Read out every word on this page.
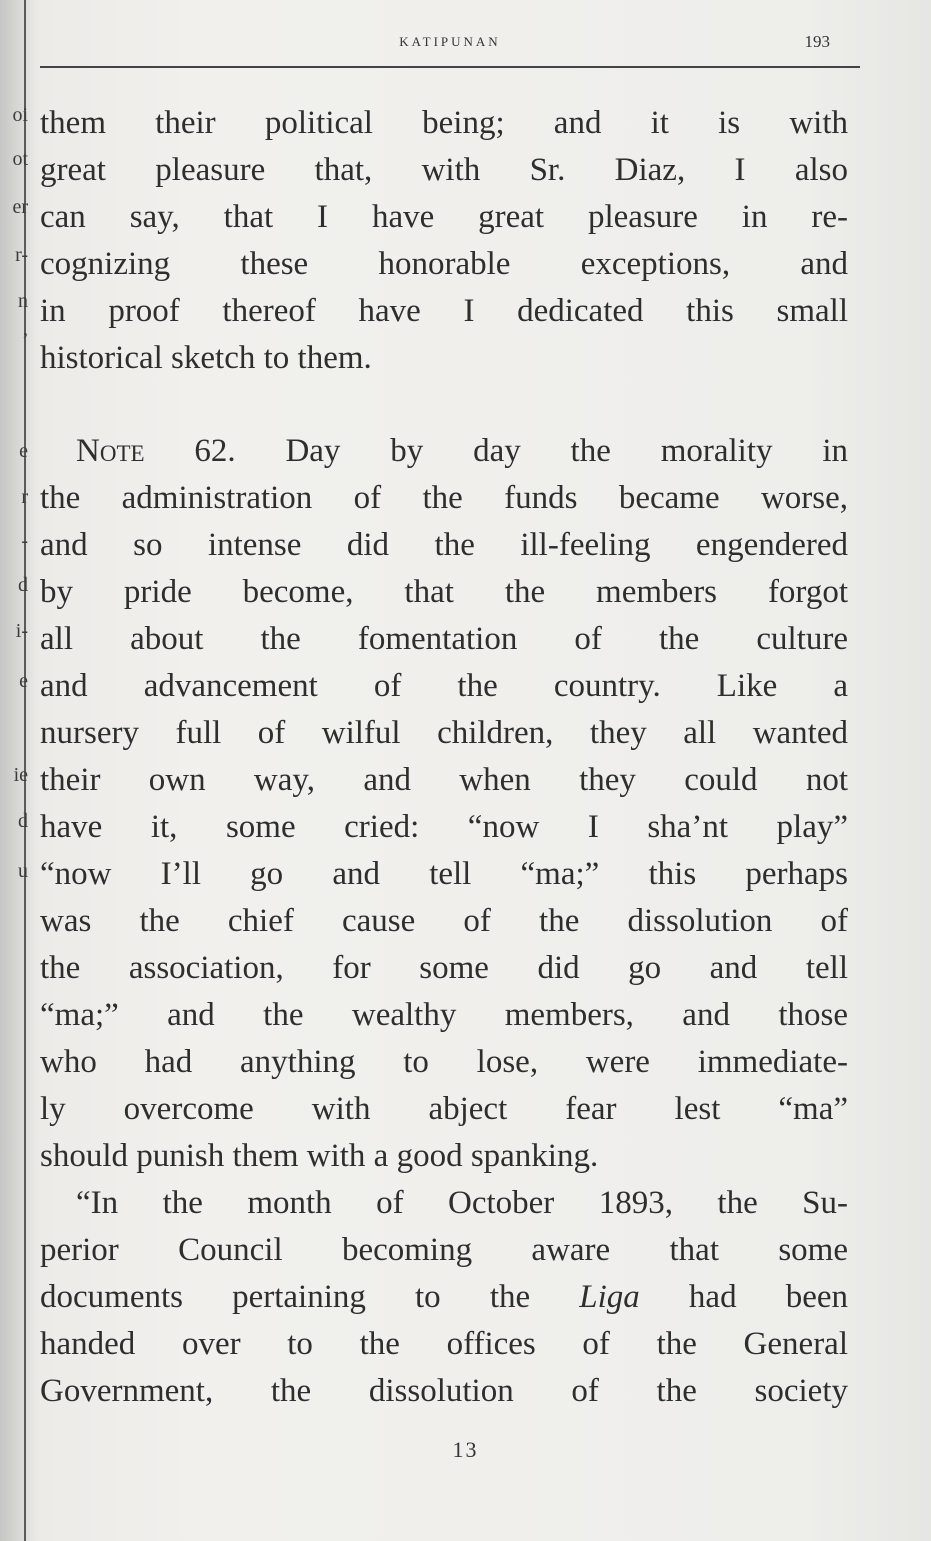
oi
ot
er
r-
n
,
e
r
-
d
i-
e
ie
d
u
KATIPUNAN	193
them their political being; and it is with
great pleasure that, with Sr. Diaz, I also
can say, that I have great pleasure in re-
cognizing these honorable exceptions, and
in proof thereof have I dedicated this small
historical sketch to them.
Note 62. Day by day the morality in
the administration of the funds became worse,
and so intense did the ill-feeling engendered
by pride become, that the members forgot
all about the fomentation of the culture
and advancement of the country. Like a
nursery full of wilful children, they all wanted
their own way, and when they could not
have it, some cried: “now I sha’nt play”
“now I’ll go and tell “ma;” this perhaps
was the chief cause of the dissolution of
the association, for some did go and tell
“ma;” and the wealthy members, and those
who had anything to lose, were immediate-
ly overcome with abject fear lest “ma”
should punish them with a good spanking.
“In the month of October 1893, the Su-
perior Council becoming aware that some
documents pertaining to the Liga had been
handed over to the offices of the General
Government, the dissolution of the society
13
